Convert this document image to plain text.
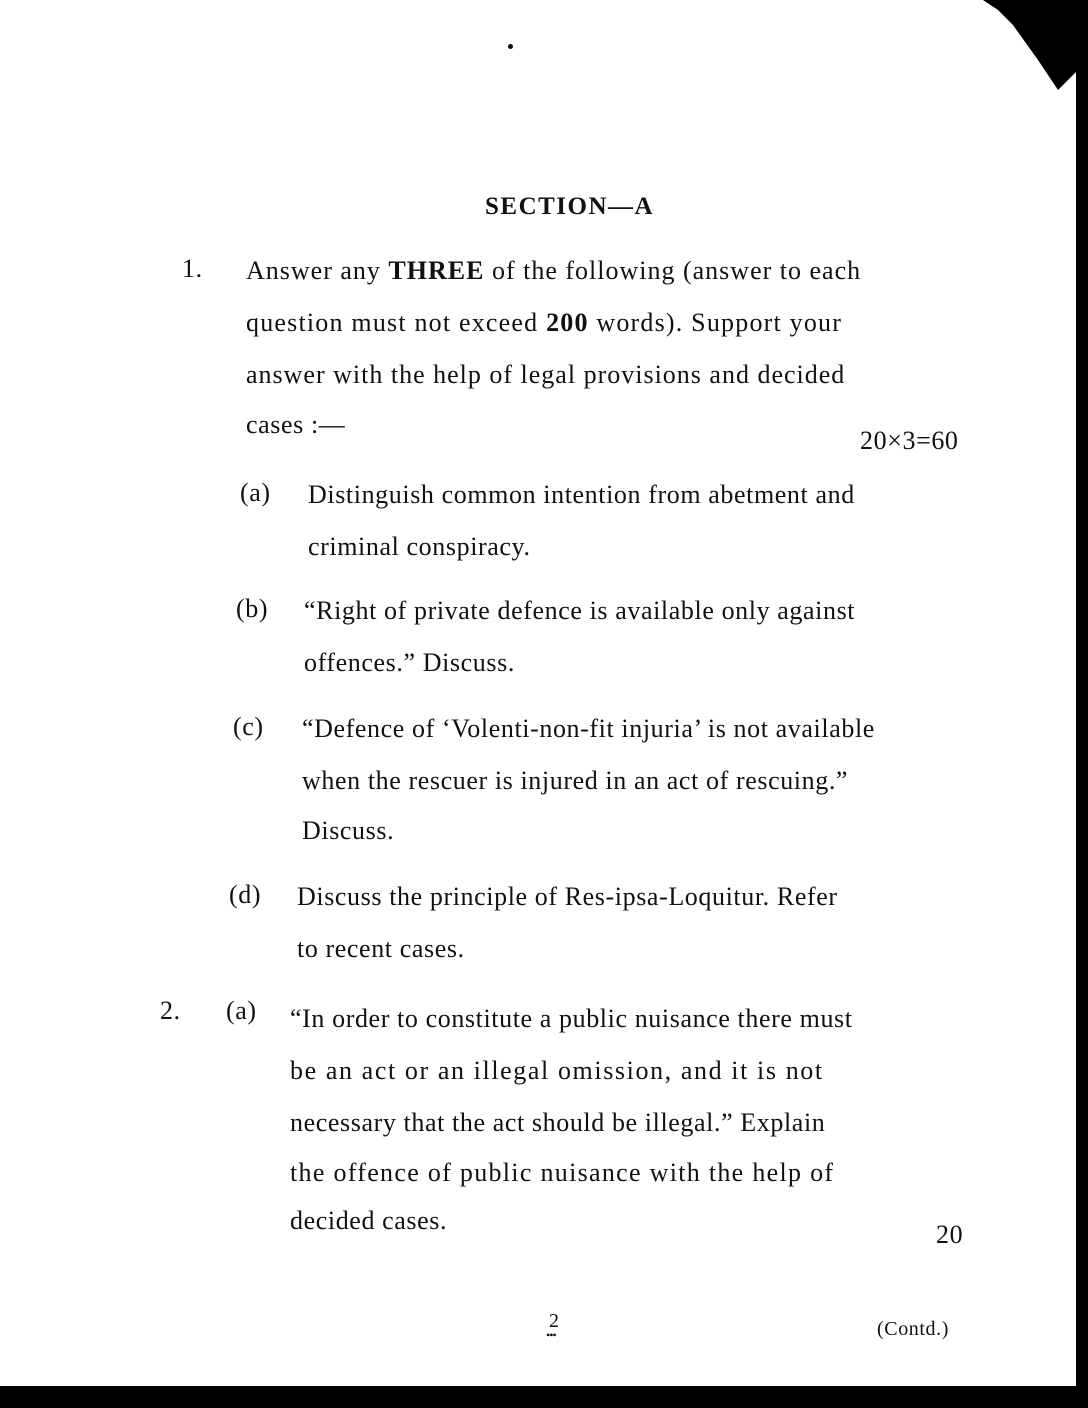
SECTION—A
1. Answer any THREE of the following (answer to each
question must not exceed 200 words). Support your
answer with the help of legal provisions and decided
cases :—
20×3=60
(a) Distinguish common intention from abetment and
criminal conspiracy.
(b) “Right of private defence is available only against
offences.” Discuss.
(c) “Defence of ‘Volenti-non-fit injuria’ is not available
when the rescuer is injured in an act of rescuing.”
Discuss.
(d) Discuss the principle of Res-ipsa-Loquitur. Refer
to recent cases.
2. (a) “In order to constitute a public nuisance there must
be an act or an illegal omission, and it is not
necessary that the act should be illegal.” Explain
the offence of public nuisance with the help of
decided cases.	20
2
•••	(Contd.)
